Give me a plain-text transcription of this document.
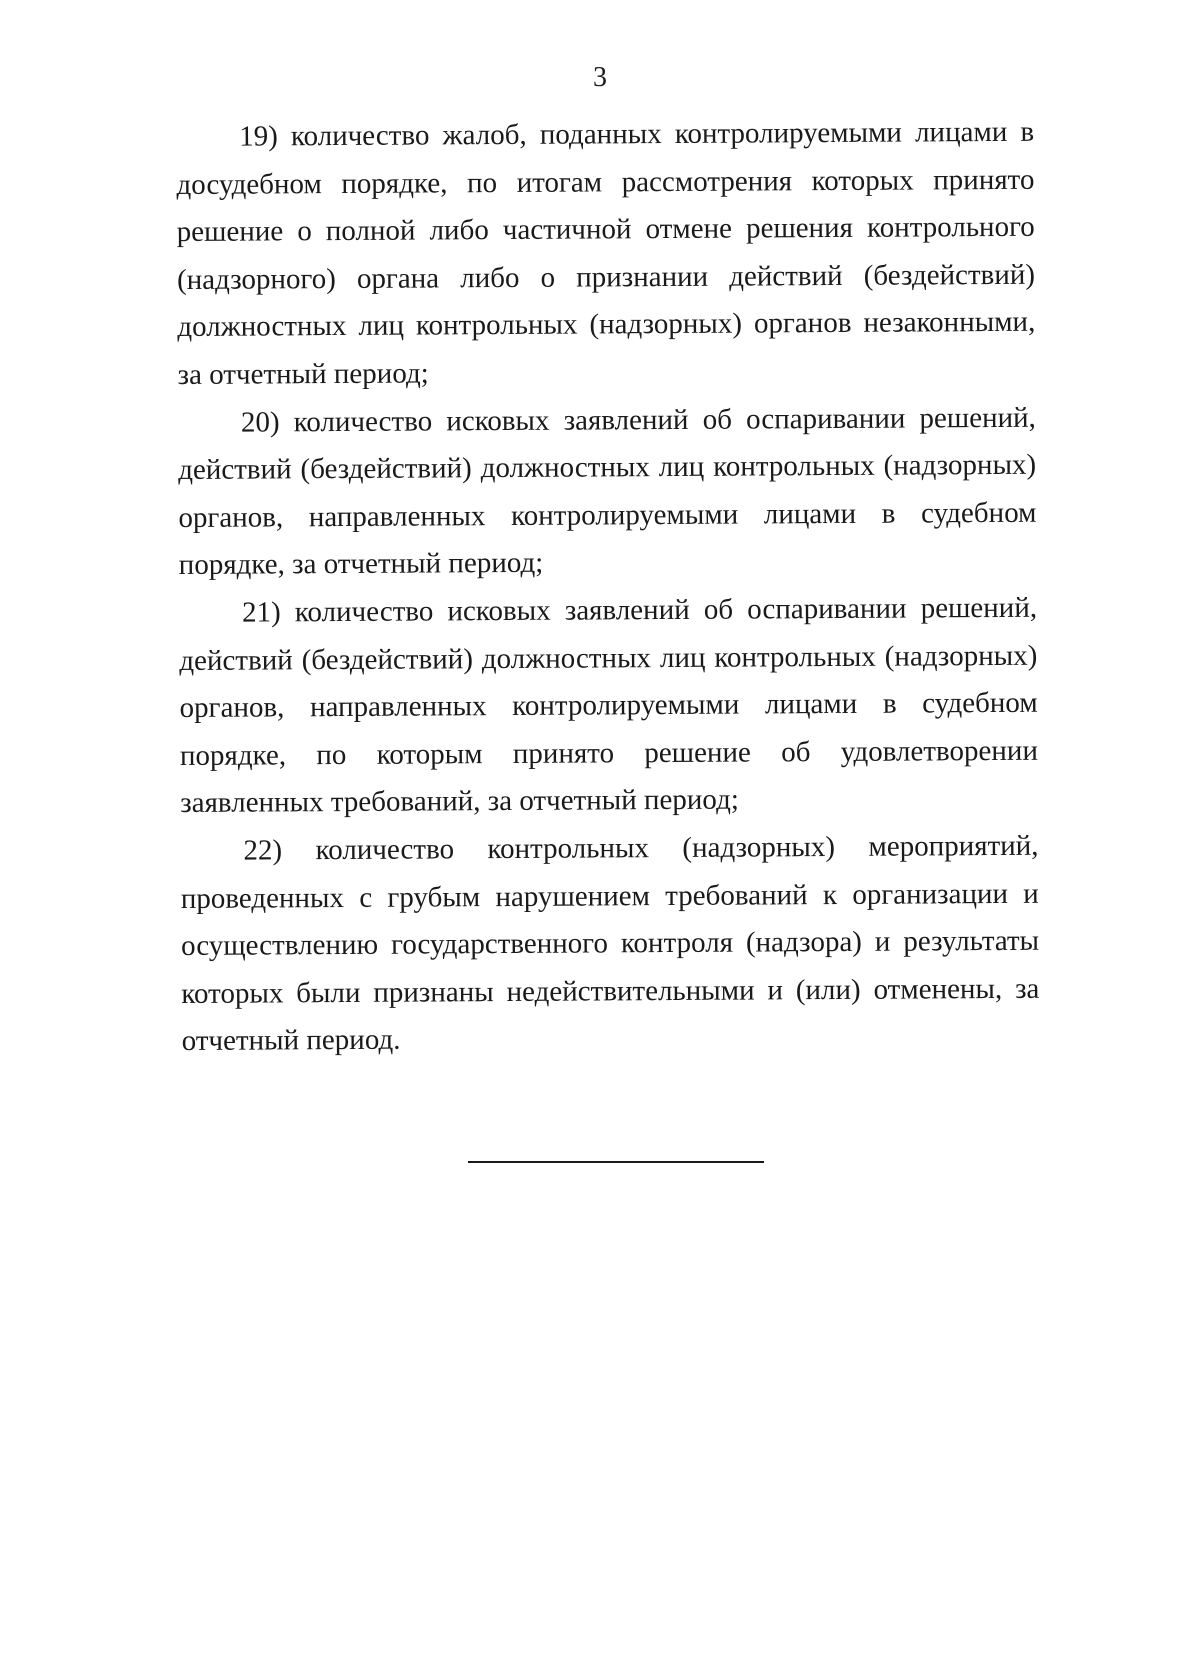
3

19) количество жалоб, поданных контролируемыми лицами в досудебном порядке, по итогам рассмотрения которых принято решение о полной либо частичной отмене решения контрольного (надзорного) органа либо о признании действий (бездействий) должностных лиц контрольных (надзорных) органов незаконными, за отчетный период;

20) количество исковых заявлений об оспаривании решений, действий (бездействий) должностных лиц контрольных (надзорных) органов, направленных контролируемыми лицами в судебном порядке, за отчетный период;

21) количество исковых заявлений об оспаривании решений, действий (бездействий) должностных лиц контрольных (надзорных) органов, направленных контролируемыми лицами в судебном порядке, по которым принято решение об удовлетворении заявленных требований, за отчетный период;

22) количество контрольных (надзорных) мероприятий, проведенных с грубым нарушением требований к организации и осуществлению государственного контроля (надзора) и результаты которых были признаны недействительными и (или) отменены, за отчетный период.
